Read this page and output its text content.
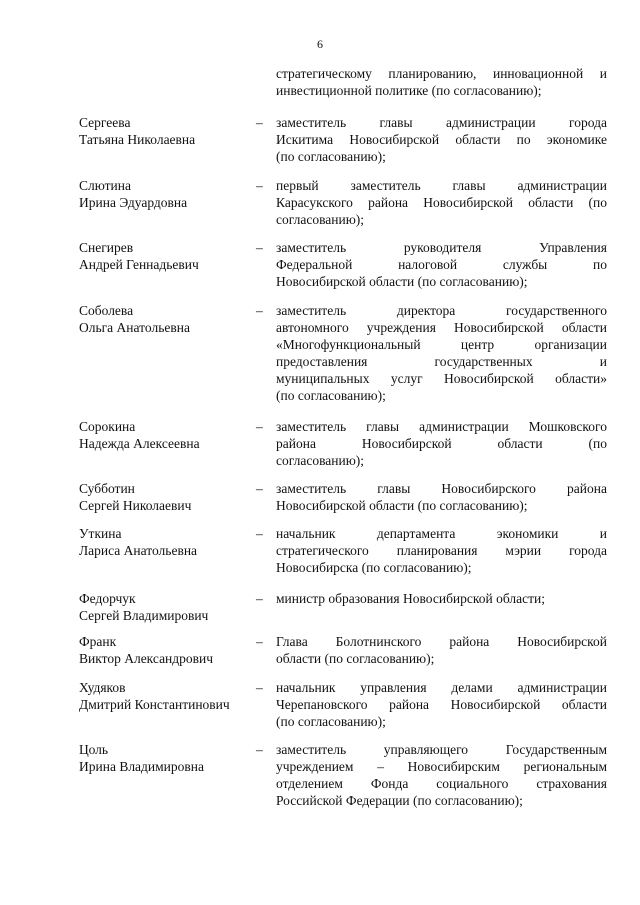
6
стратегическому планированию, инновационной и
инвестиционной политике (по согласованию);
Сергеева
Татьяна Николаевна
– заместитель главы администрации города
Искитима Новосибирской области по экономике
(по согласованию);
Слютина
Ирина Эдуардовна
– первый заместитель главы администрации
Карасукского района Новосибирской области (по
согласованию);
Снегирев
Андрей Геннадьевич
– заместитель руководителя Управления
Федеральной налоговой службы по
Новосибирской области (по согласованию);
Соболева
Ольга Анатольевна
– заместитель директора государственного
автономного учреждения Новосибирской области
«Многофункциональный центр организации
предоставления государственных и
муниципальных услуг Новосибирской области»
(по согласованию);
Сорокина
Надежда Алексеевна
– заместитель главы администрации Мошковского
района Новосибирской области (по
согласованию);
Субботин
Сергей Николаевич
– заместитель главы Новосибирского района
Новосибирской области (по согласованию);
Уткина
Лариса Анатольевна
– начальник департамента экономики и
стратегического планирования мэрии города
Новосибирска (по согласованию);
Федорчук
Сергей Владимирович
– министр образования Новосибирской области;
Франк
Виктор Александрович
– Глава Болотнинского района Новосибирской
области (по согласованию);
Худяков
Дмитрий Константинович
– начальник управления делами администрации
Черепановского района Новосибирской области
(по согласованию);
Цоль
Ирина Владимировна
– заместитель управляющего Государственным
учреждением – Новосибирским региональным
отделением Фонда социального страхования
Российской Федерации (по согласованию);
